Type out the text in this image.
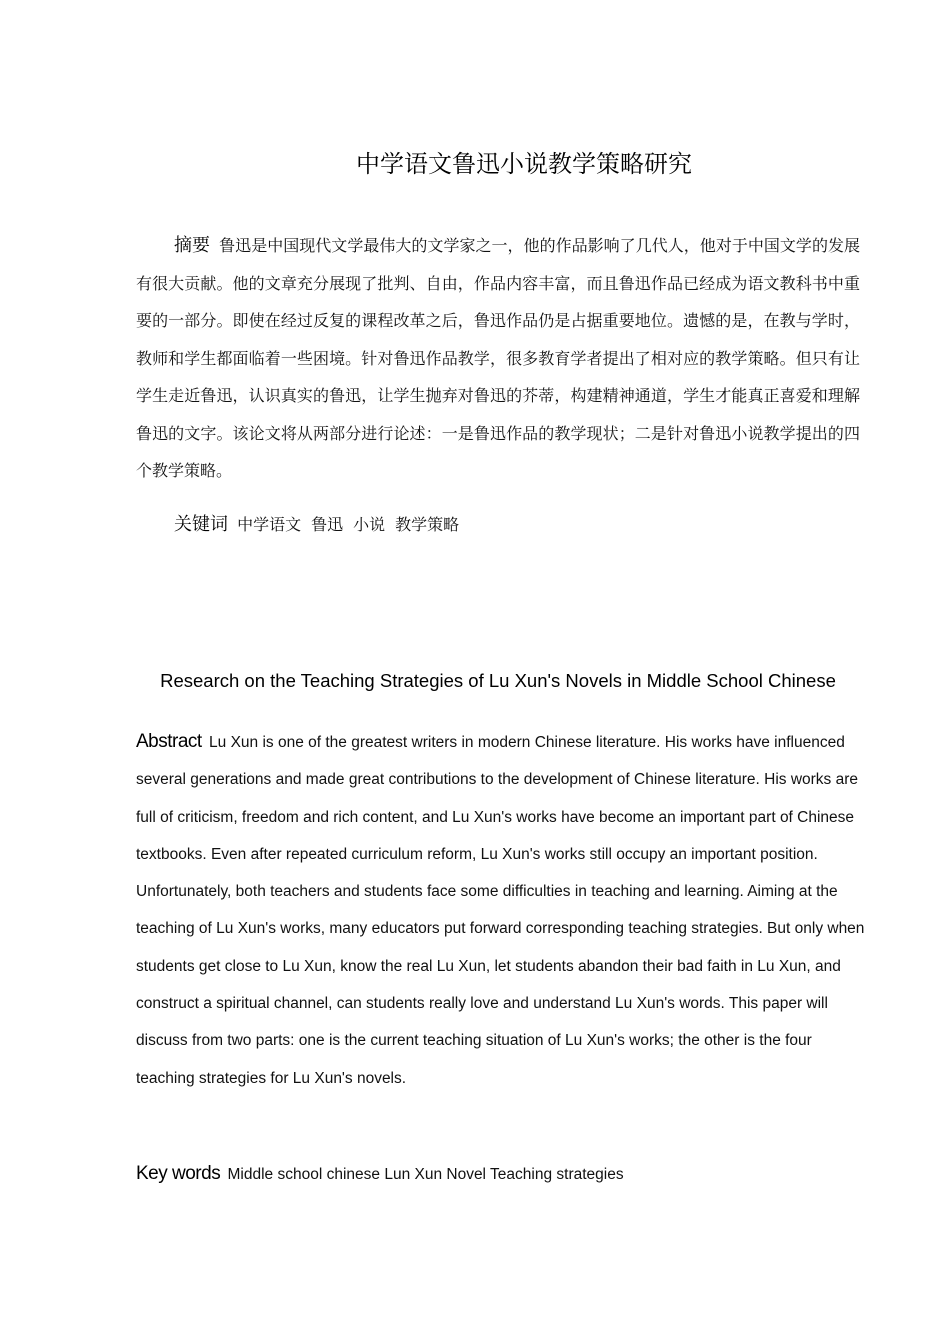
中学语文鲁迅小说教学策略研究

摘要 鲁迅是中国现代文学最伟大的文学家之一，他的作品影响了几代人，他对于中国文学的发展有很大贡献。他的文章充分展现了批判、自由，作品内容丰富，而且鲁迅作品已经成为语文教科书中重要的一部分。即使在经过反复的课程改革之后，鲁迅作品仍是占据重要地位。遗憾的是，在教与学时，教师和学生都面临着一些困境。针对鲁迅作品教学，很多教育学者提出了相对应的教学策略。但只有让学生走近鲁迅，认识真实的鲁迅，让学生抛弃对鲁迅的芥蒂，构建精神通道，学生才能真正喜爱和理解鲁迅的文字。该论文将从两部分进行论述：一是鲁迅作品的教学现状；二是针对鲁迅小说教学提出的四个教学策略。

关键词 中学语文 鲁迅 小说 教学策略

Research on the Teaching Strategies of Lu Xun's Novels in Middle School Chinese

Abstract Lu Xun is one of the greatest writers in modern Chinese literature. His works have influenced several generations and made great contributions to the development of Chinese literature. His works are full of criticism, freedom and rich content, and Lu Xun's works have become an important part of Chinese textbooks. Even after repeated curriculum reform, Lu Xun's works still occupy an important position. Unfortunately, both teachers and students face some difficulties in teaching and learning. Aiming at the teaching of Lu Xun's works, many educators put forward corresponding teaching strategies. But only when students get close to Lu Xun, know the real Lu Xun, let students abandon their bad faith in Lu Xun, and construct a spiritual channel, can students really love and understand Lu Xun's words. This paper will discuss from two parts: one is the current teaching situation of Lu Xun's works; the other is the four teaching strategies for Lu Xun's novels.

Key words Middle school chinese Lun Xun Novel Teaching strategies
